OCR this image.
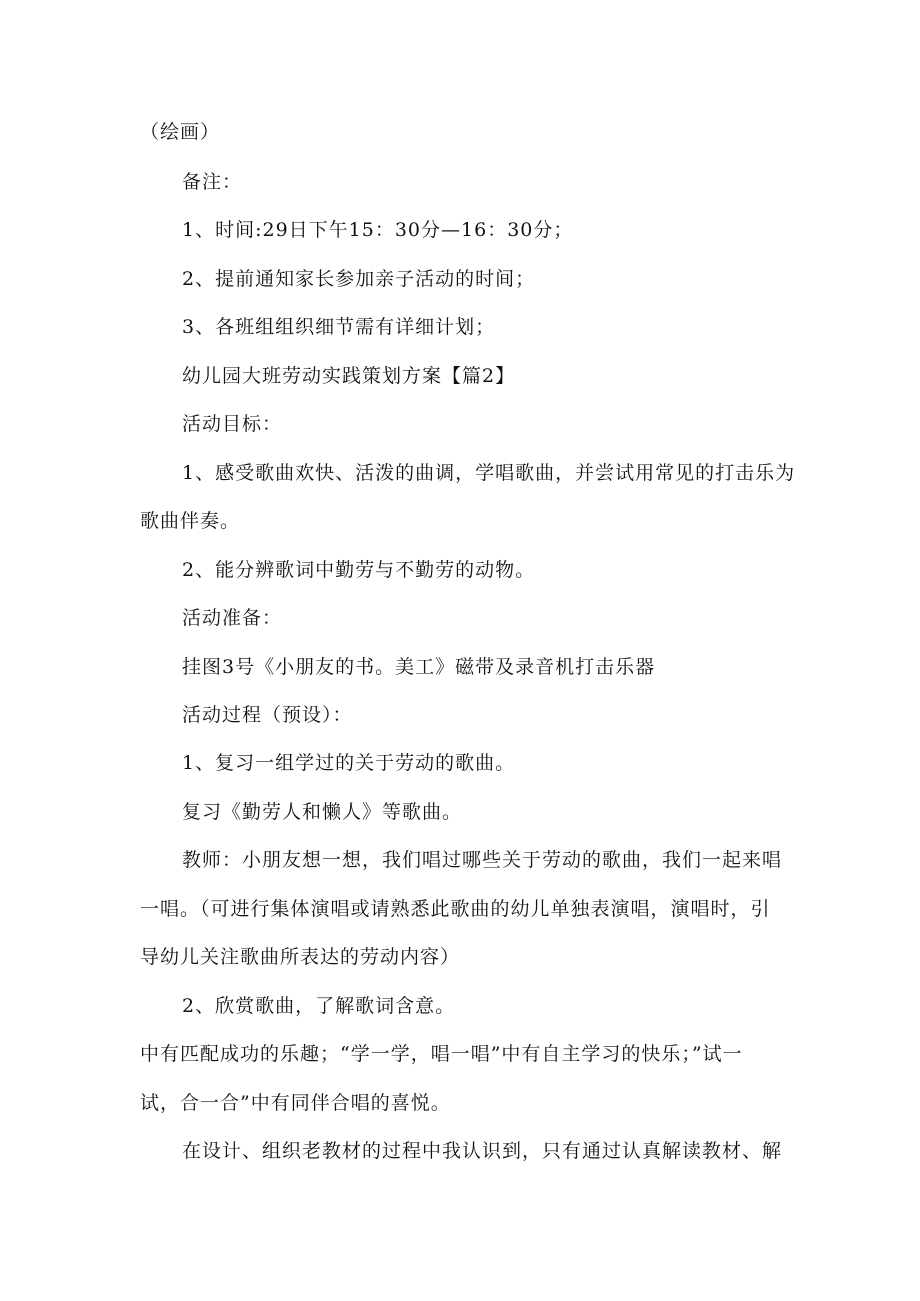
（绘画）
备注：
1、时间:29日下午15：30分—16：30分；
2、提前通知家长参加亲子活动的时间；
3、各班组组织细节需有详细计划；
幼儿园大班劳动实践策划方案【篇2】
活动目标：
1、感受歌曲欢快、活泼的曲调，学唱歌曲，并尝试用常见的打击乐为
歌曲伴奏。
2、能分辨歌词中勤劳与不勤劳的动物。
活动准备：
挂图3号《小朋友的书。美工》磁带及录音机打击乐器
活动过程（预设）：
1、复习一组学过的关于劳动的歌曲。
复习《勤劳人和懒人》等歌曲。
教师：小朋友想一想，我们唱过哪些关于劳动的歌曲，我们一起来唱
一唱。（可进行集体演唱或请熟悉此歌曲的幼儿单独表演唱，演唱时，引
导幼儿关注歌曲所表达的劳动内容）
2、欣赏歌曲，了解歌词含意。
中有匹配成功的乐趣；“学一学，唱一唱”中有自主学习的快乐；”试一
试，合一合”中有同伴合唱的喜悦。
在设计、组织老教材的过程中我认识到，只有通过认真解读教材、解
